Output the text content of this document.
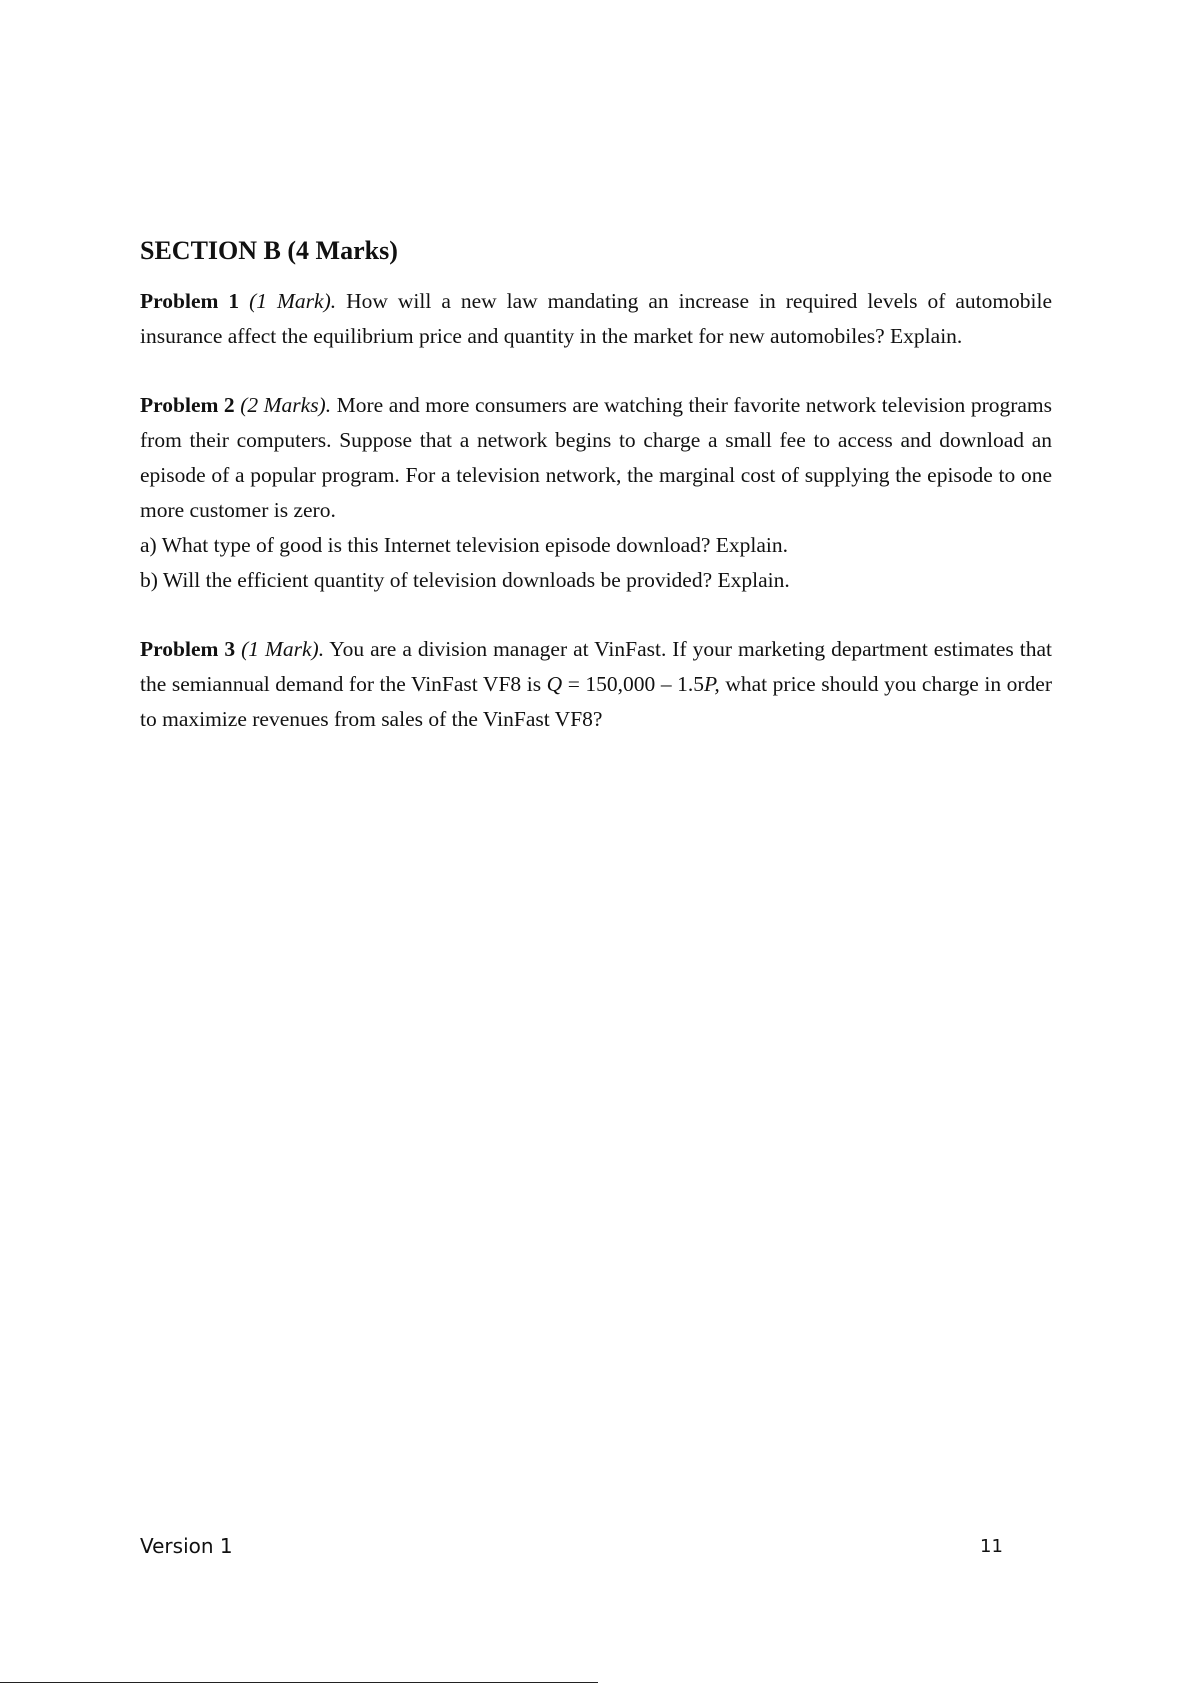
SECTION B (4 Marks)

Problem 1 (1 Mark). How will a new law mandating an increase in required levels of automobile insurance affect the equilibrium price and quantity in the market for new automobiles? Explain.

Problem 2 (2 Marks). More and more consumers are watching their favorite network television programs from their computers. Suppose that a network begins to charge a small fee to access and download an episode of a popular program. For a television network, the marginal cost of supplying the episode to one more customer is zero.

a) What type of good is this Internet television episode download? Explain.
b) Will the efficient quantity of television downloads be provided? Explain.

Problem 3 (1 Mark). You are a division manager at VinFast. If your marketing department estimates that the semiannual demand for the VinFast VF8 is Q = 150,000 – 1.5P, what price should you charge in order to maximize revenues from sales of the VinFast VF8?

Version 1	11
